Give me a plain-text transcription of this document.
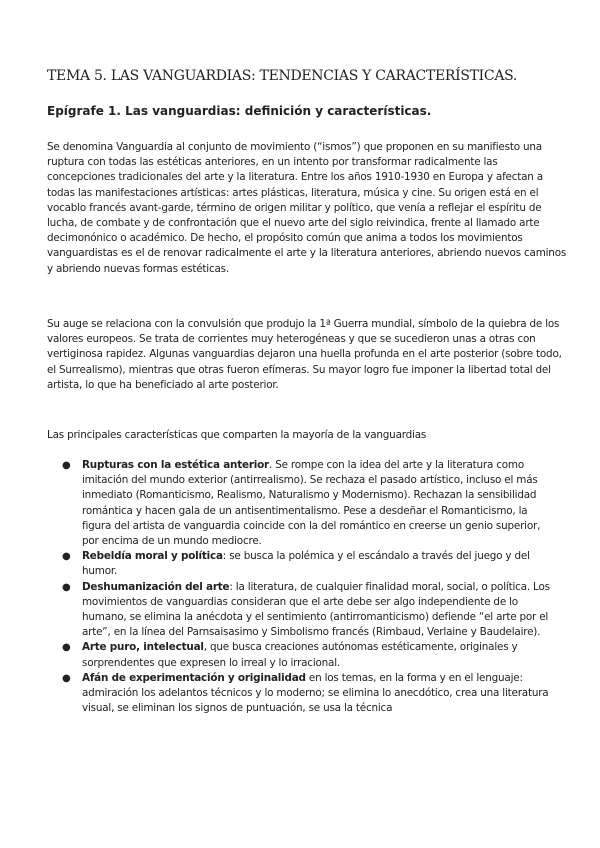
TEMA 5. LAS VANGUARDIAS: TENDENCIAS Y CARACTERÍSTICAS.
Epígrafe 1. Las vanguardias: definición y características.

Se denomina Vanguardia al conjunto de movimiento (“ismos”) que proponen en su manifiesto una ruptura con todas las estéticas anteriores, en un intento por transformar radicalmente las concepciones tradicionales del arte y la literatura. Entre los años 1910-1930 en Europa y afectan a todas las manifestaciones artísticas: artes plásticas, literatura, música y cine. Su origen está en el vocablo francés avant-garde, término de origen militar y político, que venía a reflejar el espíritu de lucha, de combate y de confrontación que el nuevo arte del siglo reivindica, frente al llamado arte decimonónico o académico. De hecho, el propósito común que anima a todos los movimientos vanguardistas es el de renovar radicalmente el arte y la literatura anteriores, abriendo nuevos caminos y abriendo nuevas formas estéticas.

Su auge se relaciona con la convulsión que produjo la 1ª Guerra mundial, símbolo de la quiebra de los valores europeos. Se trata de corrientes muy heterogéneas y que se sucedieron unas a otras con vertiginosa rapidez. Algunas vanguardias dejaron una huella profunda en el arte posterior (sobre todo, el Surrealismo), mientras que otras fueron efímeras. Su mayor logro fue imponer la libertad total del artista, lo que ha beneficiado al arte posterior.

Las principales características que comparten la mayoría de la vanguardias

● Rupturas con la estética anterior. Se rompe con la idea del arte y la literatura como imitación del mundo exterior (antirrealismo). Se rechaza el pasado artístico, incluso el más inmediato (Romanticismo, Realismo, Naturalismo y Modernismo). Rechazan la sensibilidad romántica y hacen gala de un antisentimentalismo. Pese a desdeñar el Romanticismo, la figura del artista de vanguardia coincide con la del romántico en creerse un genio superior, por encima de un mundo mediocre.
● Rebeldía moral y política: se busca la polémica y el escándalo a través del juego y del humor.
● Deshumanización del arte: la literatura, de cualquier finalidad moral, social, o política. Los movimientos de vanguardias consideran que el arte debe ser algo independiente de lo humano, se elimina la anécdota y el sentimiento (antirromanticismo) defiende “el arte por el arte”, en la línea del Parnsaisasimo y Simbolismo francés (Rimbaud, Verlaine y Baudelaire).
● Arte puro, intelectual, que busca creaciones autónomas estéticamente, originales y sorprendentes que expresen lo irreal y lo irracional.
● Afán de experimentación y originalidad en los temas, en la forma y en el lenguaje: admiración los adelantos técnicos y lo moderno; se elimina lo anecdótico, crea una literatura visual, se eliminan los signos de puntuación, se usa la técnica
